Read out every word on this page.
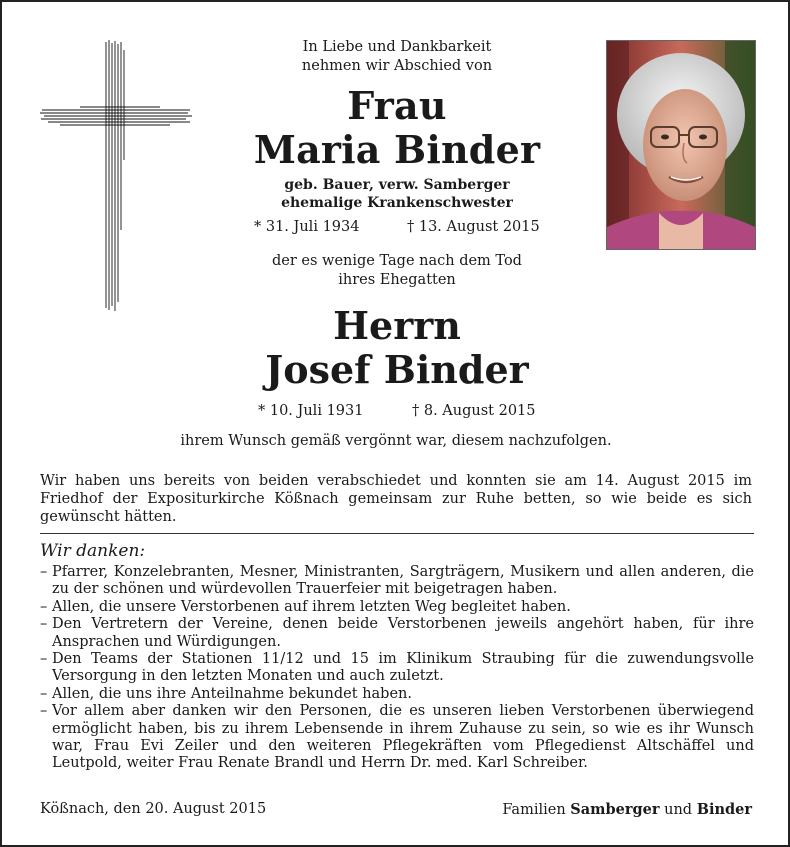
In Liebe und Dankbarkeit
nehmen wir Abschied von
Frau
Maria Binder
geb. Bauer, verw. Samberger
ehemalige Krankenschwester
* 31. Juli 1934	† 13. August 2015
der es wenige Tage nach dem Tod
ihres Ehegatten
Herrn
Josef Binder
* 10. Juli 1931	† 8. August 2015
ihrem Wunsch gemäß vergönnt war, diesem nachzufolgen.
Wir haben uns bereits von beiden verabschiedet und konnten sie am 14. August 2015 im Friedhof der Expositurkirche Kößnach gemeinsam zur Ruhe betten, so wie beide es sich gewünscht hätten.
Wir danken:
– Pfarrer, Konzelebranten, Mesner, Ministranten, Sargträgern, Musikern und allen anderen, die zu der schönen und würdevollen Trauerfeier mit beigetragen haben.
– Allen, die unsere Verstorbenen auf ihrem letzten Weg begleitet haben.
– Den Vertretern der Vereine, denen beide Verstorbenen jeweils angehört haben, für ihre Ansprachen und Würdigungen.
– Den Teams der Stationen 11/12 und 15 im Klinikum Straubing für die zuwendungsvolle Versorgung in den letzten Monaten und auch zuletzt.
– Allen, die uns ihre Anteilnahme bekundet haben.
– Vor allem aber danken wir den Personen, die es unseren lieben Verstorbenen überwiegend ermöglicht haben, bis zu ihrem Lebensende in ihrem Zuhause zu sein, so wie es ihr Wunsch war, Frau Evi Zeiler und den weiteren Pflegekräften vom Pflegedienst Altschäffel und Leutpold, weiter Frau Renate Brandl und Herrn Dr. med. Karl Schreiber.
Kößnach, den 20. August 2015	Familien Samberger und Binder
